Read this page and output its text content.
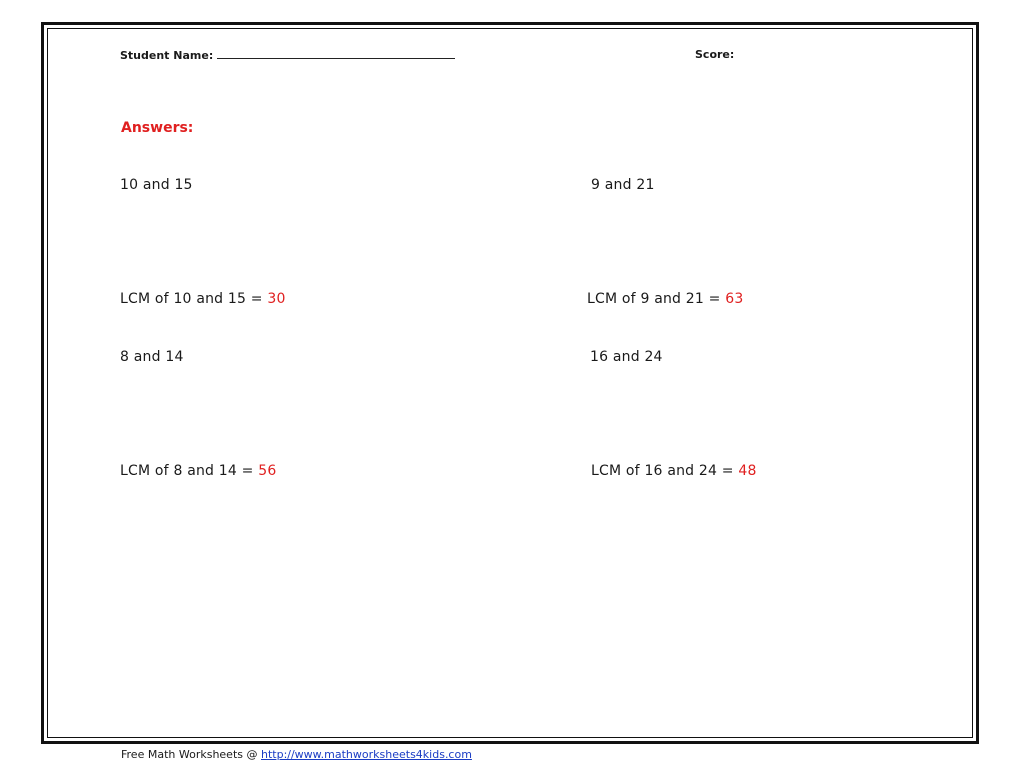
Student Name:	Score:
Answers:
10 and 15
LCM of 10 and 15 = 30
9 and 21
LCM of 9 and 21 = 63
8 and 14
LCM of 8 and 14 = 56
16 and 24
LCM of 16 and 24 = 48
Free Math Worksheets @ http://www.mathworksheets4kids.com
